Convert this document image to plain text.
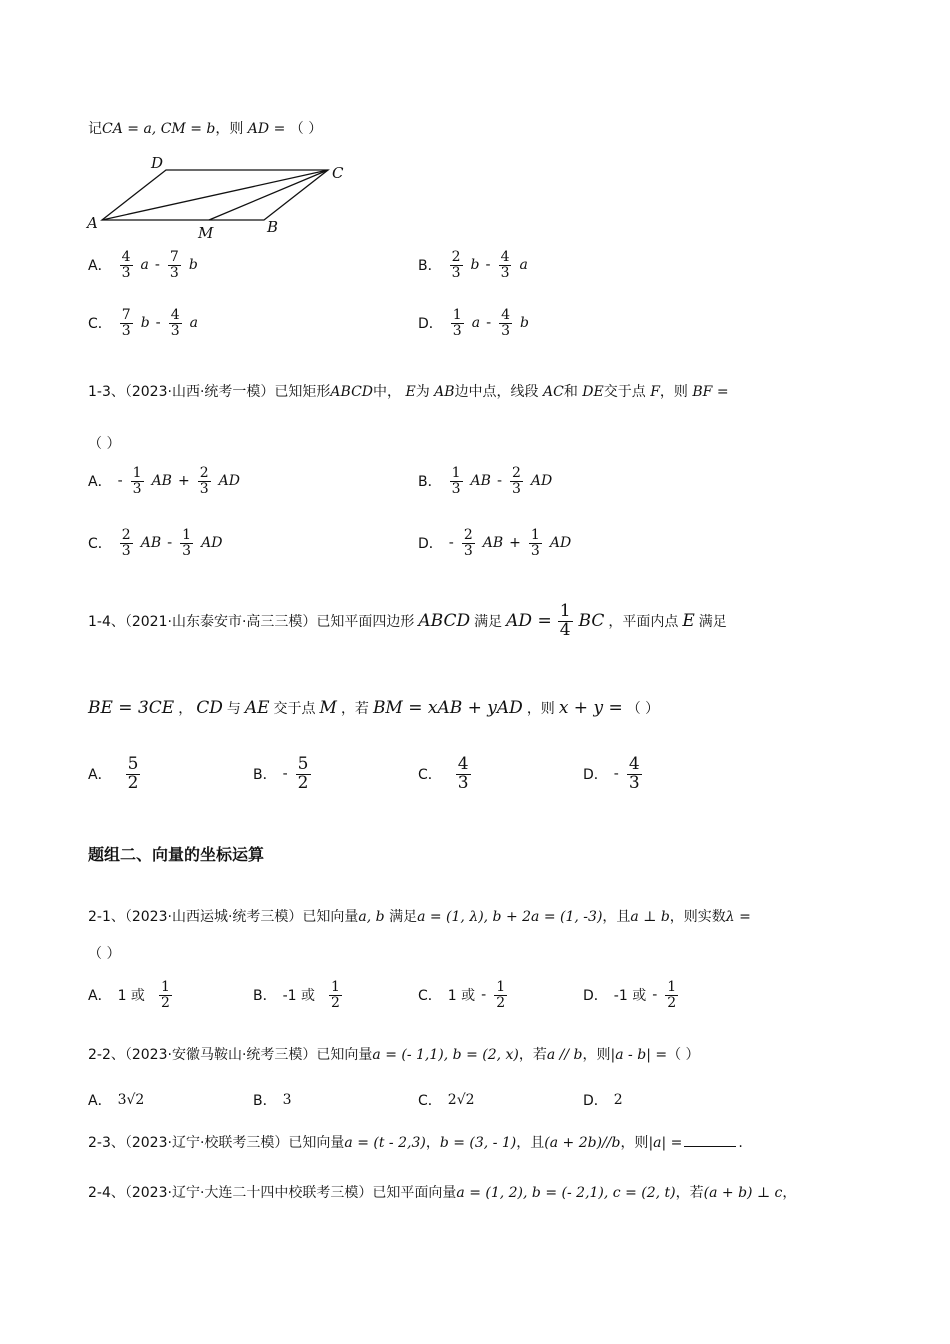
记CA = a, CM = b，则 AD = （ ）
A
D
C
B
M
A． $\frac{4}{3}$ a - $\frac{7}{3}$ b	B． $\frac{2}{3}$ b - $\frac{4}{3}$ a
C． $\frac{7}{3}$ b - $\frac{4}{3}$ a	D． $\frac{1}{3}$ a - $\frac{4}{3}$ b
1-3、（2023·山西·统考一模）已知矩形ABCD中， E为 AB边中点，线段 AC和 DE交于点 F，则 BF =
（ ）
A． - $\frac{1}{3}$ AB + $\frac{2}{3}$ AD	B． $\frac{1}{3}$ AB - $\frac{2}{3}$ AD
C． $\frac{2}{3}$ AB - $\frac{1}{3}$ AD	D． - $\frac{2}{3}$ AB + $\frac{1}{3}$ AD
1-4、（2021·山东泰安市·高三三模）已知平面四边形 ABCD 满足 AD = $\frac{1}{4}$ BC ，平面内点 E 满足
BE = 3CE ， CD 与 AE 交于点 M ，若 BM = xAB + yAD ，则 x + y = （ ）
A． $\frac{5}{2}$	B． - $\frac{5}{2}$	C． $\frac{4}{3}$	D． - $\frac{4}{3}$
题组二、向量的坐标运算
2-1、（2023·山西运城·统考三模）已知向量a, b 满足a = (1, λ), b + 2a = (1, -3)，且a ⊥ b，则实数λ =
（ ）
A． 1 或 $\frac{1}{2}$	B． -1 或 $\frac{1}{2}$	C． 1 或 - $\frac{1}{2}$	D． -1 或 - $\frac{1}{2}$
2-2、（2023·安徽马鞍山·统考三模）已知向量a = (- 1,1), b = (2, x)，若a // b，则|a - b| =（ ）
A． 3√2	B． 3	C． 2√2	D． 2
2-3、（2023·辽宁·校联考三模）已知向量a = (t - 2,3)，b = (3, - 1)，且(a + 2b)//b，则|a| =	.
2-4、（2023·辽宁·大连二十四中校联考三模）已知平面向量a = (1, 2), b = (- 2,1), c = (2, t)，若(a + b) ⊥ c，
